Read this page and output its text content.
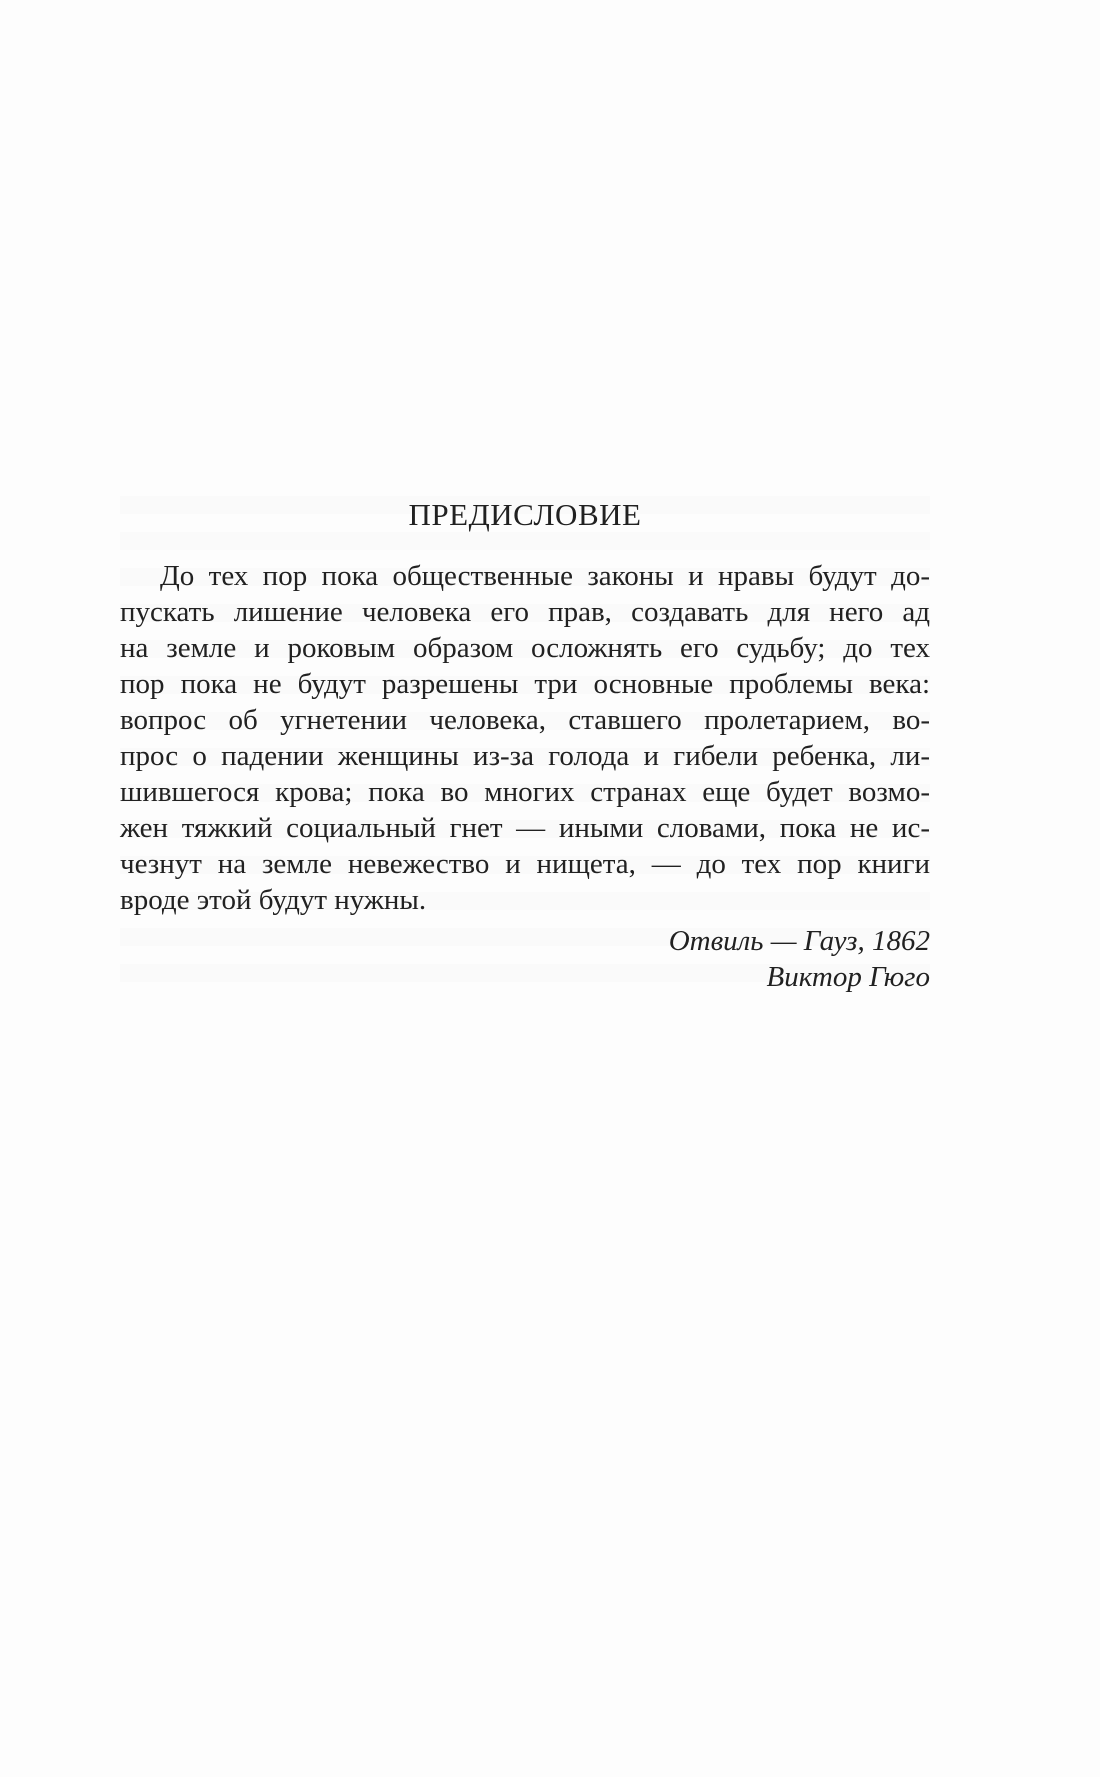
ПРЕДИСЛОВИЕ
До тех пор пока общественные законы и нравы будут до-
пускать лишение человека его прав, создавать для него ад
на земле и роковым образом осложнять его судьбу; до тех
пор пока не будут разрешены три основные проблемы века:
вопрос об угнетении человека, ставшего пролетарием, во-
прос о падении женщины из-за голода и гибели ребенка, ли-
шившегося крова; пока во многих странах еще будет возмо-
жен тяжкий социальный гнет — иными словами, пока не ис-
чезнут на земле невежество и нищета, — до тех пор книги
вроде этой будут нужны.
Отвиль — Гауз, 1862
Виктор Гюго
